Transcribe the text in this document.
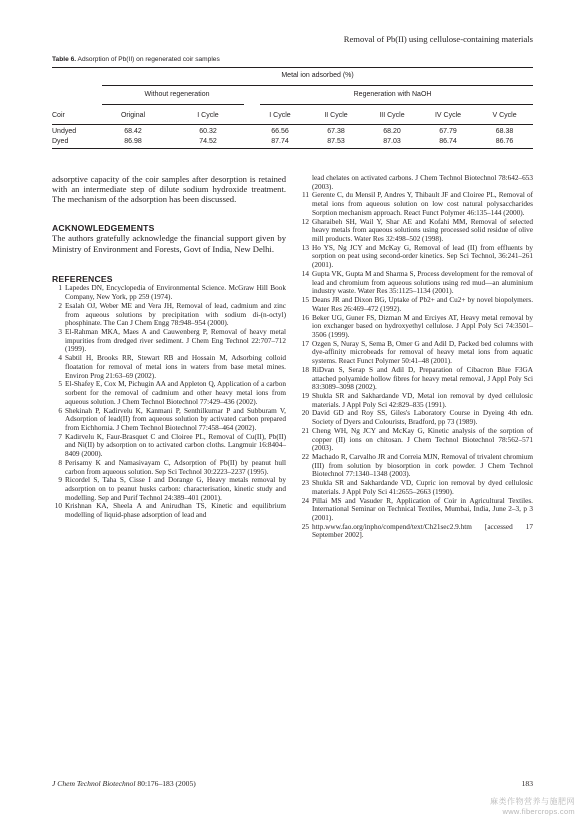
Removal of Pb(II) using cellulose-containing materials
Table 6. Adsorption of Pb(II) on regenerated coir samples
	Metal ion adsorbed (%)						

	Without regeneration		Regeneration with NaOH				

Coir	Original	I Cycle	I Cycle	II Cycle	III Cycle	IV Cycle	V Cycle

Undyed	68.42	60.32	66.56	67.38	68.20	67.79	68.38
Dyed	86.98	74.52	87.74	87.53	87.03	86.74	86.76

adsorptive capacity of the coir samples after desorption is retained with an intermediate step of dilute sodium hydroxide treatment. The mechanism of the adsorption has been discussed.

ACKNOWLEDGEMENTS

The authors gratefully acknowledge the financial support given by Ministry of Environment and Forests, Govt of India, New Delhi.

REFERENCES
1 Lapedes DN, Encyclopedia of Environmental Science. McGraw Hill Book Company, New York, pp 259 (1974).
2 Esalah OJ, Weber ME and Vera JH, Removal of lead, cadmium and zinc from aqueous solutions by precipitation with sodium di-(n-octyl) phosphinate. The Can J Chem Engg 78:948–954 (2000).
3 El-Rahman MKA, Maes A and Cauwenberg P, Removal of heavy metal impurities from dredged river sediment. J Chem Eng Technol 22:707–712 (1999).
4 Sabtil H, Brooks RR, Stewart RB and Hossain M, Adsorbing colloid floatation for removal of metal ions in waters from base metal mines. Environ Prog 21:63–69 (2002).
5 El-Shafey E, Cox M, Pichugin AA and Appleton Q, Application of a carbon sorbent for the removal of cadmium and other heavy metal ions from aqueous solution. J Chem Technol Biotechnol 77:429–436 (2002).
6 Shekinah P, Kadirvelu K, Kanmani P, Senthilkumar P and Subburam V, Adsorption of lead(II) from aqueous solution by activated carbon prepared from Eichhornia. J Chem Technol Biotechnol 77:458–464 (2002).
7 Kadirvelu K, Faur-Brasquet C and Cloiree PL, Removal of Cu(II), Pb(II) and Ni(II) by adsorption on to activated carbon cloths. Langmuir 16:8404–8409 (2000).
8 Perisamy K and Namasivayam C, Adsorption of Pb(II) by peanut hull carbon from aqueous solution. Sep Sci Technol 30:2223–2237 (1995).
9 Ricordel S, Taha S, Cisse I and Dorange G, Heavy metals removal by adsorption on to peanut husks carbon: characterisation, kinetic study and modelling. Sep and Purif Technol 24:389–401 (2001).
10 Krishnan KA, Sheela A and Anirudhan TS, Kinetic and equilibrium modelling of liquid-phase adsorption of lead and
lead chelates on activated carbons. J Chem Technol Biotechnol 78:642–653 (2003).
11 Gerente C, du Mensil P, Andres Y, Thibault JF and Cloiree PL, Removal of metal ions from aqueous solution on low cost natural polysaccharides Sorption mechanism approach. React Funct Polymer 46:135–144 (2000).
12 Gharaibeh SH, Wail Y, Shar AE and Kofahi MM, Removal of selected heavy metals from aqueous solutions using processed solid residue of olive mill products. Water Res 32:498–502 (1998).
13 Ho YS, Ng JCY and McKay G, Removal of lead (II) from effluents by sorption on peat using second-order kinetics. Sep Sci Technol, 36:241–261 (2001).
14 Gupta VK, Gupta M and Sharma S, Process development for the removal of lead and chromium from aqueous solutions using red mud—an aluminium industry waste. Water Res 35:1125–1134 (2001).
15 Deans JR and Dixon BG, Uptake of Pb2+ and Cu2+ by novel biopolymers. Water Res 26:469–472 (1992).
16 Beker UG, Guner FS, Dizman M and Erciyes AT, Heavy metal removal by ion exchanger based on hydroxyethyl cellulose. J Appl Poly Sci 74:3501–3506 (1999).
17 Ozgen S, Nuray S, Sema B, Omer G and Adil D, Packed bed columns with dye-affinity microbeads for removal of heavy metal ions from aquatic systems. React Funct Polymer 50:41–48 (2001).
18 RiDvan S, Serap S and Adil D, Preparation of Cibacron Blue F3GA attached polyamide hollow fibres for heavy metal removal, J Appl Poly Sci 83:3089–3098 (2002).
19 Shukla SR and Sakhardande VD, Metal ion removal by dyed cellulosic materials. J Appl Poly Sci 42:829–835 (1991).
20 David GD and Roy SS, Giles's Laboratory Course in Dyeing 4th edn. Society of Dyers and Colourists, Bradford, pp 73 (1989).
21 Cheng WH, Ng JCY and McKay G, Kinetic analysis of the sorption of copper (II) ions on chitosan. J Chem Technol Biotechnol 78:562–571 (2003).
22 Machado R, Carvalho JR and Correia MJN, Removal of trivalent chromium (III) from solution by biosorption in cork powder. J Chem Technol Biotechnol 77:1340–1348 (2003).
23 Shukla SR and Sakhardande VD, Cupric ion removal by dyed cellulosic materials. J Appl Poly Sci 41:2655–2663 (1990).
24 Pillai MS and Vasuder R, Application of Coir in Agricultural Textiles. International Seminar on Technical Textiles, Mumbai, India, June 2–3, p 3 (2001).
25 http.www.fao.org/inpho/compend/text/Ch21sec2.9.htm [accessed 17 September 2002].
J Chem Technol Biotechnol 80:176–183 (2005)	183
麻类作物营养与施肥网
www.fibercrops.com
